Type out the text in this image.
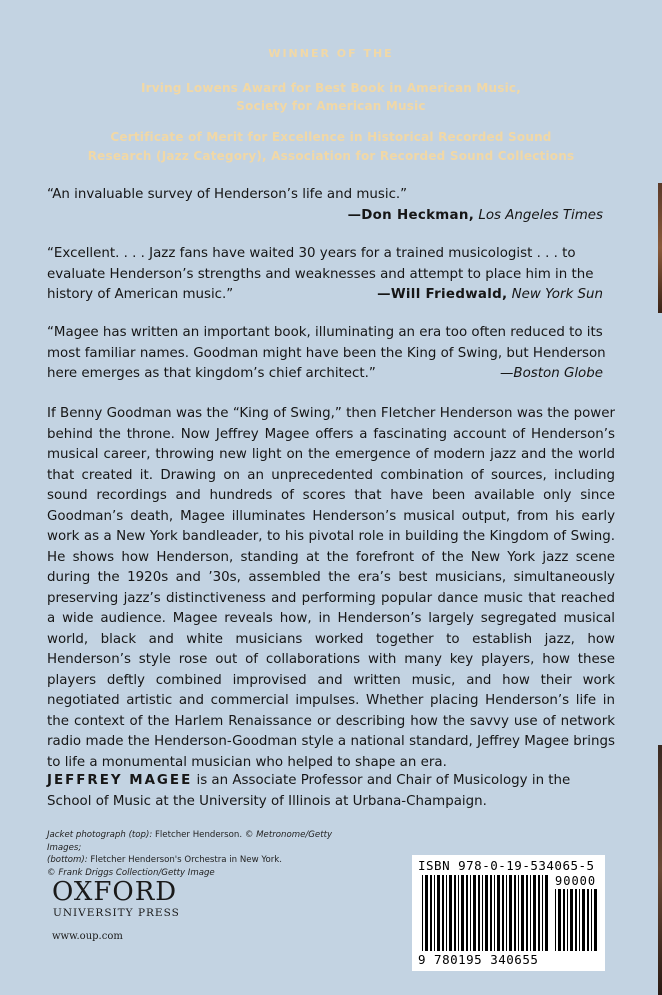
WINNER OF THE
Irving Lowens Award for Best Book in American Music,
Society for American Music
Certificate of Merit for Excellence in Historical Recorded Sound
Research (Jazz Category), Association for Recorded Sound Collections

“An invaluable survey of Henderson’s life and music.”
—Don Heckman, Los Angeles Times

“Excellent. . . . Jazz fans have waited 30 years for a trained musicologist . . . to evaluate Henderson’s strengths and weaknesses and attempt to place him in the history of American music.”	—Will Friedwald, New York Sun

“Magee has written an important book, illuminating an era too often reduced to its most familiar names. Goodman might have been the King of Swing, but Henderson here emerges as that kingdom’s chief architect.”	—Boston Globe

If Benny Goodman was the “King of Swing,” then Fletcher Henderson was the power behind the throne. Now Jeffrey Magee offers a fascinating account of Henderson’s musical career, throwing new light on the emergence of modern jazz and the world that created it. Drawing on an unprecedented combination of sources, including sound recordings and hundreds of scores that have been available only since Goodman’s death, Magee illuminates Henderson’s musical output, from his early work as a New York bandleader, to his pivotal role in building the Kingdom of Swing. He shows how Henderson, standing at the forefront of the New York jazz scene during the 1920s and ’30s, assembled the era’s best musicians, simultaneously preserving jazz’s distinctiveness and performing popular dance music that reached a wide audience. Magee reveals how, in Henderson’s largely segregated musical world, black and white musicians worked together to establish jazz, how Henderson’s style rose out of collaborations with many key players, how these players deftly combined improvised and written music, and how their work negotiated artistic and commercial impulses. Whether placing Henderson’s life in the context of the Harlem Renaissance or describing how the savvy use of network radio made the Henderson-Goodman style a national standard, Jeffrey Magee brings to life a monumental musician who helped to shape an era.

JEFFREY MAGEE is an Associate Professor and Chair of Musicology in the School of Music at the University of Illinois at Urbana-Champaign.

Jacket photograph (top): Fletcher Henderson. © Metronome/Getty Images;
(bottom): Fletcher Henderson's Orchestra in New York.
© Frank Driggs Collection/Getty Image

OXFORD
UNIVERSITY PRESS
www.oup.com
ISBN 978-0-19-534065-5
90000
9 780195 340655
